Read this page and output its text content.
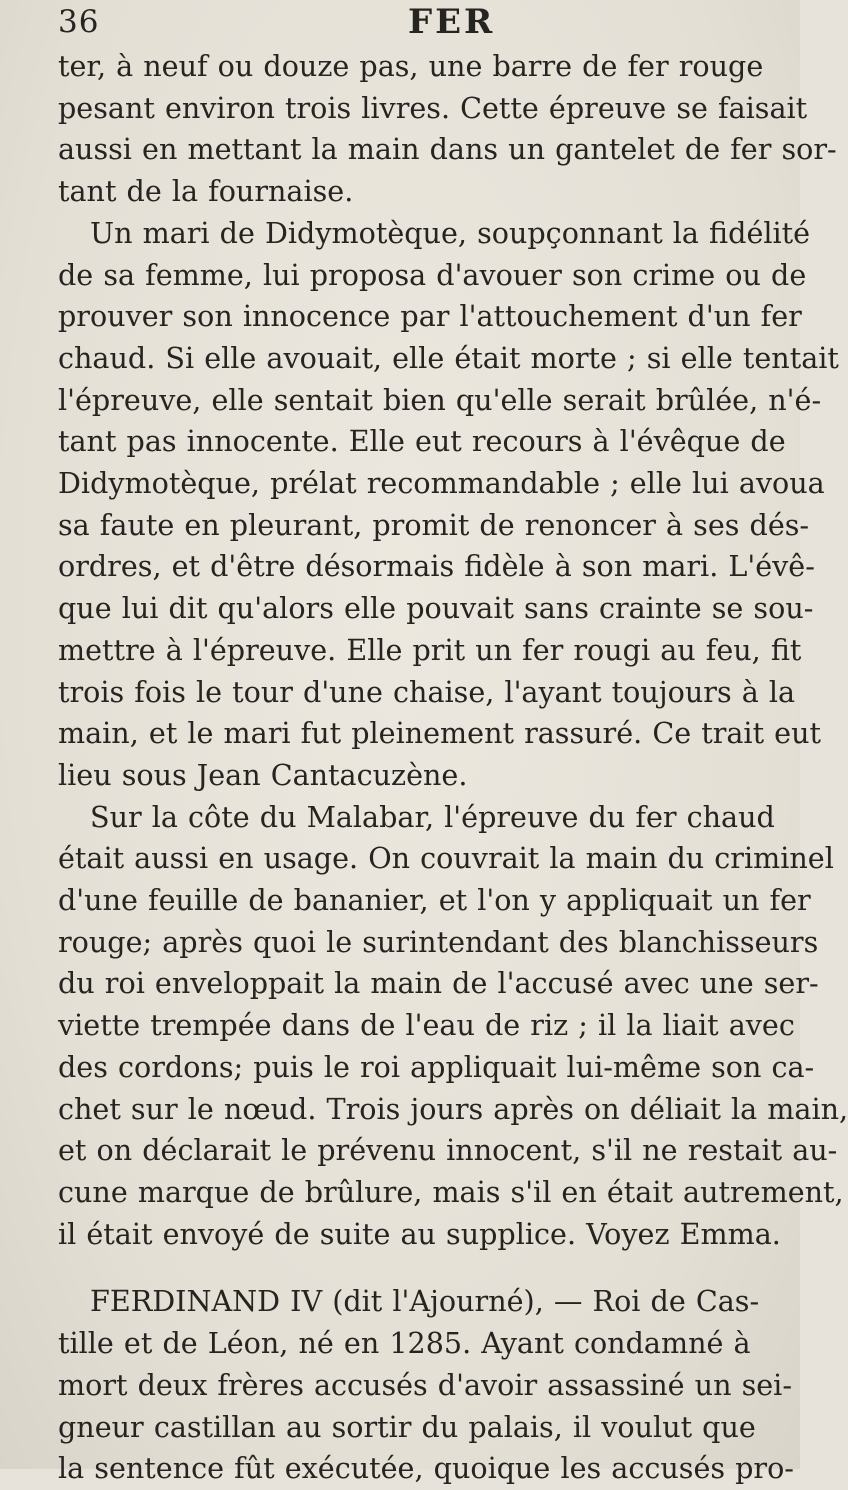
36	FER
ter, à neuf ou douze pas, une barre de fer rouge
pesant environ trois livres. Cette épreuve se faisait
aussi en mettant la main dans un gantelet de fer sor-
tant de la fournaise.
Un mari de Didymotèque, soupçonnant la fidélité
de sa femme, lui proposa d'avouer son crime ou de
prouver son innocence par l'attouchement d'un fer
chaud. Si elle avouait, elle était morte ; si elle tentait
l'épreuve, elle sentait bien qu'elle serait brûlée, n'é-
tant pas innocente. Elle eut recours à l'évêque de
Didymotèque, prélat recommandable ; elle lui avoua
sa faute en pleurant, promit de renoncer à ses dés-
ordres, et d'être désormais fidèle à son mari. L'évê-
que lui dit qu'alors elle pouvait sans crainte se sou-
mettre à l'épreuve. Elle prit un fer rougi au feu, fit
trois fois le tour d'une chaise, l'ayant toujours à la
main, et le mari fut pleinement rassuré. Ce trait eut
lieu sous Jean Cantacuzène.
Sur la côte du Malabar, l'épreuve du fer chaud
était aussi en usage. On couvrait la main du criminel
d'une feuille de bananier, et l'on y appliquait un fer
rouge; après quoi le surintendant des blanchisseurs
du roi enveloppait la main de l'accusé avec une ser-
viette trempée dans de l'eau de riz ; il la liait avec
des cordons; puis le roi appliquait lui-même son ca-
chet sur le nœud. Trois jours après on déliait la main,
et on déclarait le prévenu innocent, s'il ne restait au-
cune marque de brûlure, mais s'il en était autrement,
il était envoyé de suite au supplice. Voyez Emma.
FERDINAND IV (dit l'Ajourné), — Roi de Cas-
tille et de Léon, né en 1285. Ayant condamné à
mort deux frères accusés d'avoir assassiné un sei-
gneur castillan au sortir du palais, il voulut que
la sentence fût exécutée, quoique les accusés pro-
